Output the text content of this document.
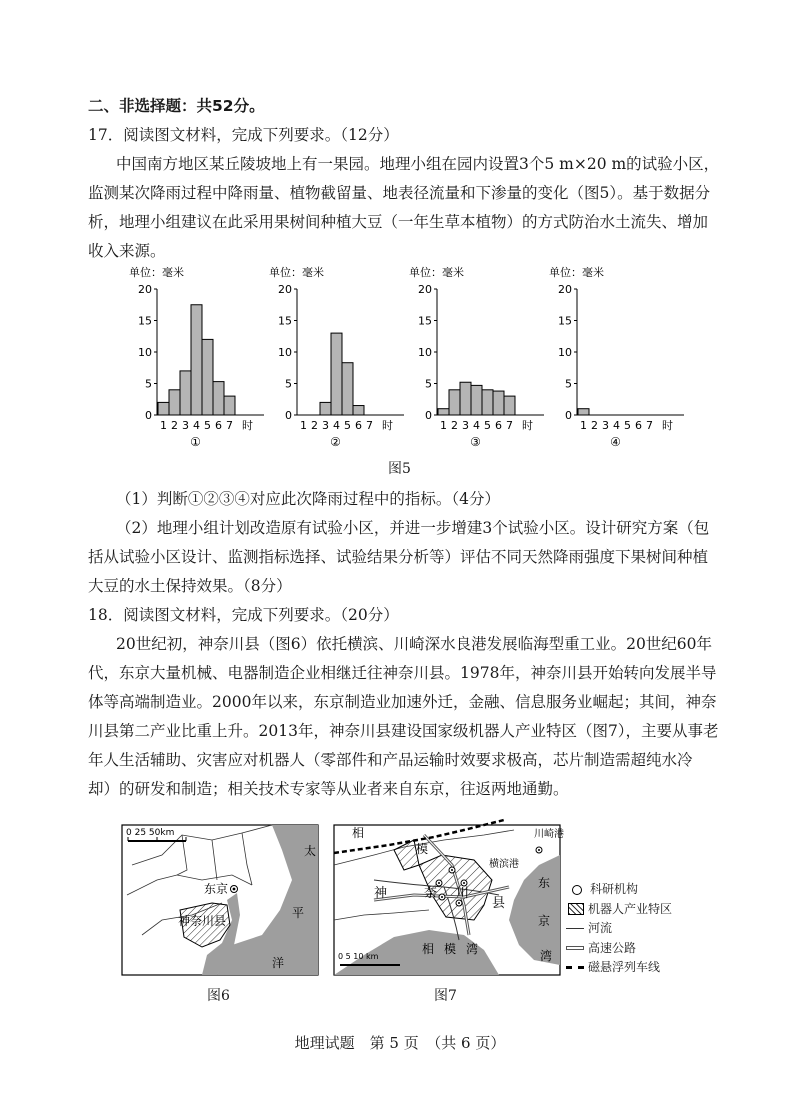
二、非选择题：共52分。
17．阅读图文材料，完成下列要求。（12分）
中国南方地区某丘陵坡地上有一果园。地理小组在园内设置3个5 m×20 m的试验小区，
监测某次降雨过程中降雨量、植物截留量、地表径流量和下渗量的变化（图5）。基于数据分
析，地理小组建议在此采用果树间种植大豆（一年生草本植物）的方式防治水土流失、增加
收入来源。
单位：毫米
0
5
10
15
20
1 2 3 4 5 6 7 时
①
单位：毫米
0
5
10
15
20
1 2 3 4 5 6 7 时
②
单位：毫米
0
5
10
15
20
1 2 3 4 5 6 7 时
③
单位：毫米
0
5
10
15
20
1 2 3 4 5 6 7 时
④
图5
（1）判断①②③④对应此次降雨过程中的指标。（4分）
（2）地理小组计划改造原有试验小区，并进一步增建3个试验小区。设计研究方案（包
括从试验小区设计、监测指标选择、试验结果分析等）评估不同天然降雨强度下果树间种植
大豆的水土保持效果。（8分）
18．阅读图文材料，完成下列要求。（20分）
20世纪初，神奈川县（图6）依托横滨、川崎深水良港发展临海型重工业。20世纪60年
代，东京大量机械、电器制造企业相继迁往神奈川县。1978年，神奈川县开始转向发展半导
体等高端制造业。2000年以来，东京制造业加速外迁，金融、信息服务业崛起；其间，神奈
川县第二产业比重上升。2013年，神奈川县建设国家级机器人产业特区（图7），主要从事老
年人生活辅助、灾害应对机器人（零部件和产品运输时效要求极高，芯片制造需超纯水冷
却）的研发和制造；相关技术专家等从业者来自东京，往返两地通勤。
0 25 50km
东京
神奈川县
太
平
洋
图6
相
模
神	奈 川
县
川崎港
横滨港
东
京
湾
相 模 湾
0 5 10 km
图7
科研机构
机器人产业特区
河流
高速公路
磁悬浮列车线
地理试题　第 5 页　（共 6 页）
